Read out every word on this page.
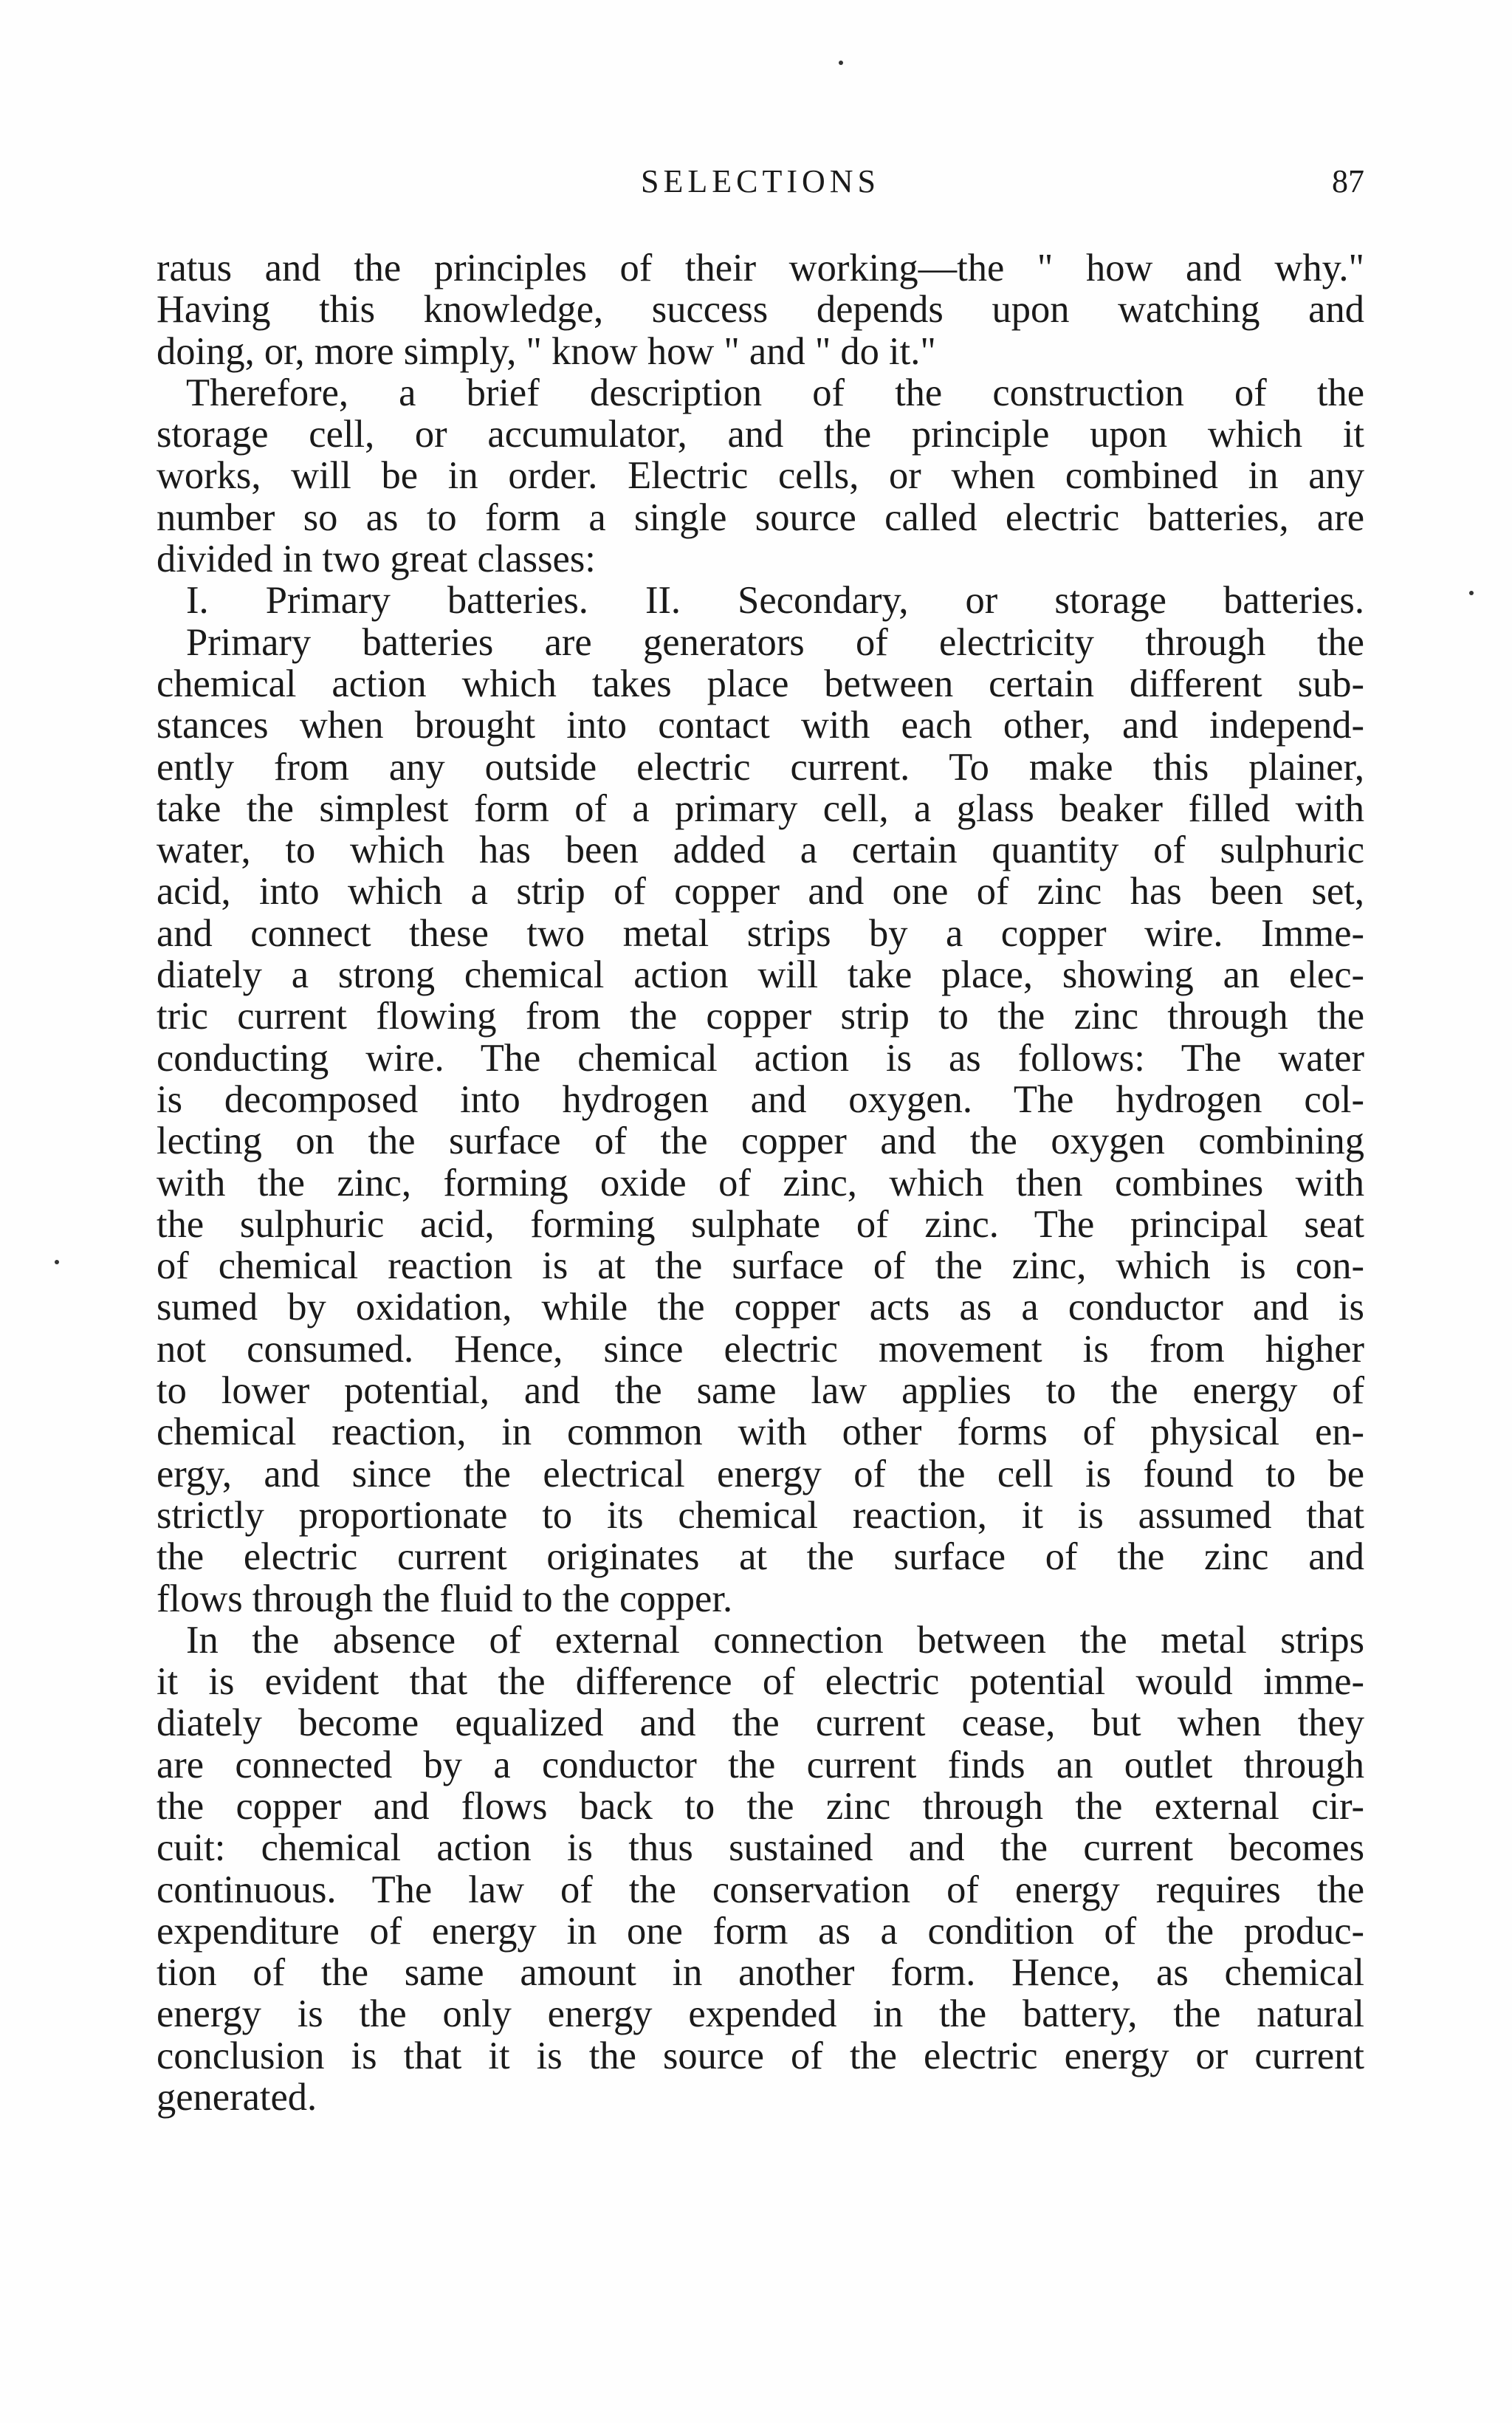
SELECTIONS	87
ratus and the principles of their working—the " how and why."
Having this knowledge, success depends upon watching and
doing, or, more simply, " know how " and " do it."
Therefore, a brief description of the construction of the
storage cell, or accumulator, and the principle upon which it
works, will be in order. Electric cells, or when combined in any
number so as to form a single source called electric batteries, are
divided in two great classes:
I. Primary batteries. II. Secondary, or storage batteries.
Primary batteries are generators of electricity through the
chemical action which takes place between certain different sub-
stances when brought into contact with each other, and independ-
ently from any outside electric current. To make this plainer,
take the simplest form of a primary cell, a glass beaker filled with
water, to which has been added a certain quantity of sulphuric
acid, into which a strip of copper and one of zinc has been set,
and connect these two metal strips by a copper wire. Imme-
diately a strong chemical action will take place, showing an elec-
tric current flowing from the copper strip to the zinc through the
conducting wire. The chemical action is as follows: The water
is decomposed into hydrogen and oxygen. The hydrogen col-
lecting on the surface of the copper and the oxygen combining
with the zinc, forming oxide of zinc, which then combines with
the sulphuric acid, forming sulphate of zinc. The principal seat
of chemical reaction is at the surface of the zinc, which is con-
sumed by oxidation, while the copper acts as a conductor and is
not consumed. Hence, since electric movement is from higher
to lower potential, and the same law applies to the energy of
chemical reaction, in common with other forms of physical en-
ergy, and since the electrical energy of the cell is found to be
strictly proportionate to its chemical reaction, it is assumed that
the electric current originates at the surface of the zinc and
flows through the fluid to the copper.
In the absence of external connection between the metal strips
it is evident that the difference of electric potential would imme-
diately become equalized and the current cease, but when they
are connected by a conductor the current finds an outlet through
the copper and flows back to the zinc through the external cir-
cuit: chemical action is thus sustained and the current becomes
continuous. The law of the conservation of energy requires the
expenditure of energy in one form as a condition of the produc-
tion of the same amount in another form. Hence, as chemical
energy is the only energy expended in the battery, the natural
conclusion is that it is the source of the electric energy or current
generated.
